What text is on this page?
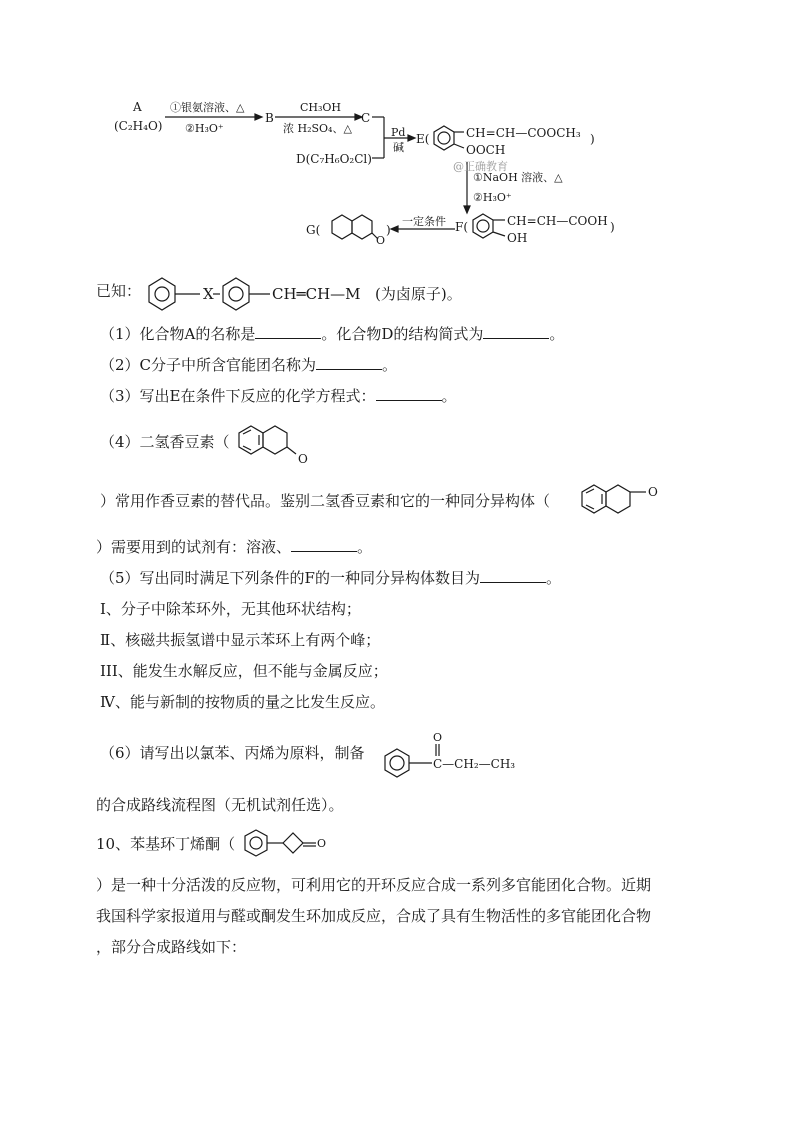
A
(C₂H₄O)
①银氨溶液、△
②H₃O⁺
B
CH₃OH
浓 H₂SO₄、△
C
D(C₇H₆O₂Cl)
Pd
碱
E(	CH=CH—COOCH₃
OOCH
)
@正确教育
①NaOH 溶液、△
②H₃O⁺
F(	CH=CH—COOH
OH
)
一定条件
G(
O
)
已知：	X	CH═CH—M (为卤原子)。
（1）化合物A的名称是	。化合物D的结构简式为	。
（2）C分子中所含官能团名称为	。
（3）写出E在条件下反应的化学方程式：	。
（4）二氢香豆素（
O
）常用作香豆素的替代品。鉴别二氢香豆素和它的一种同分异构体（	O
）需要用到的试剂有：溶液、	。
（5）写出同时满足下列条件的F的一种同分异构体数目为	。
Ⅰ、分子中除苯环外，无其他环状结构；
Ⅱ、核磁共振氢谱中显示苯环上有两个峰；
III、能发生水解反应，但不能与金属反应；
Ⅳ、能与新制的按物质的量之比发生反应。
（6）请写出以氯苯、丙烯为原料，制备
O
C—CH₂—CH₃
的合成路线流程图（无机试剂任选）。
10、苯基环丁烯酮（	O
）是一种十分活泼的反应物，可利用它的开环反应合成一系列多官能团化合物。近期
我国科学家报道用与醛或酮发生环加成反应，合成了具有生物活性的多官能团化合物
，部分合成路线如下：
